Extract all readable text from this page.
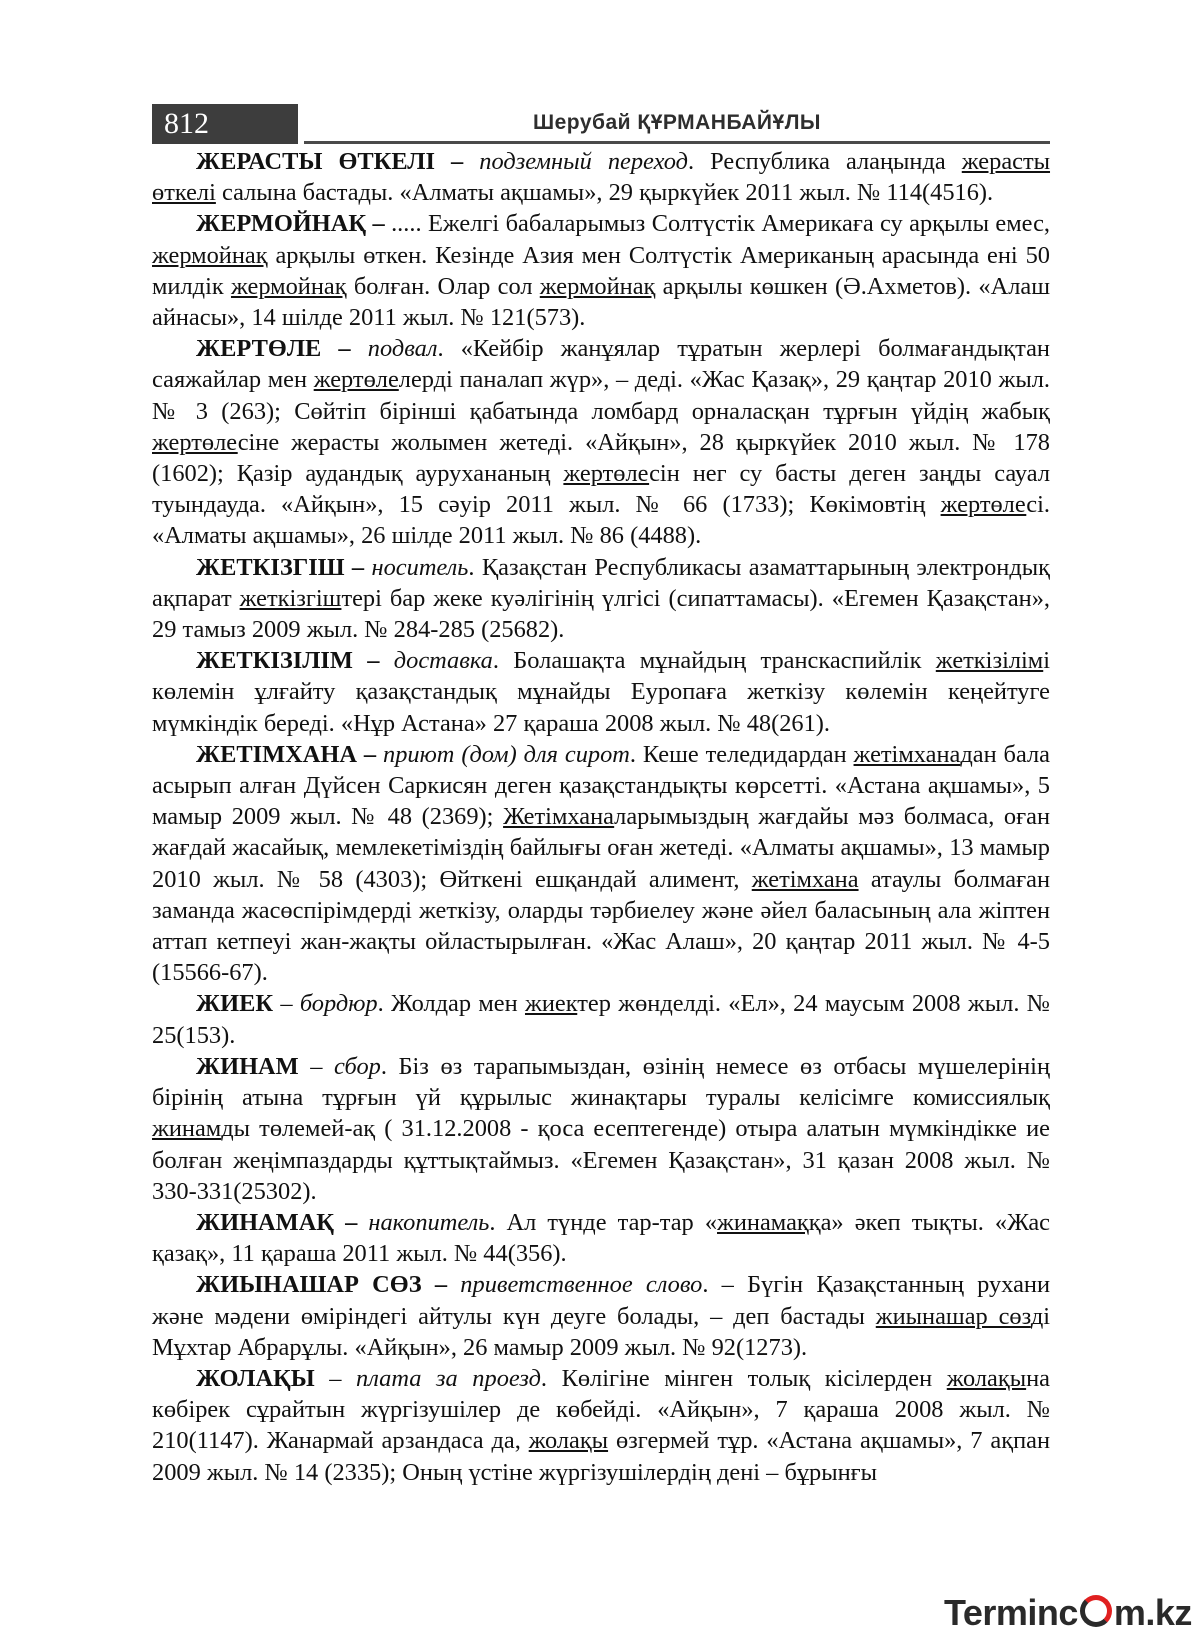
812	Шерубай ҚҰРМАНБАЙҰЛЫ

ЖЕРАСТЫ ӨТКЕЛІ – подземный переход. Республика алаңында жерасты өткелі салына бастады. «Алматы ақшамы», 29 қыркүйек 2011 жыл. № 114(4516).

ЖЕРМОЙНАҚ – ..... Ежелгі бабаларымыз Солтүстік Америкаға су арқылы емес, жермойнақ арқылы өткен. Кезінде Азия мен Солтүстік Американың арасында ені 50 милдік жермойнақ болған. Олар сол жермойнақ арқылы көшкен (Ә.Ахметов). «Алаш айнасы», 14 шілде 2011 жыл. № 121(573).

ЖЕРТӨЛЕ – подвал. «Кейбір жанұялар тұратын жерлері болмағандықтан саяжайлар мен жертөлелерді паналап жүр», – деді. «Жас Қазақ», 29 қаңтар 2010 жыл. № 3 (263); Сөйтіп бірінші қабатында ломбард орналасқан тұрғын үйдің жабық жертөлесіне жерасты жолымен жетеді. «Айқын», 28 қыркүйек 2010 жыл. № 178 (1602); Қазір аудандық аурухананың жертөлесін нег су басты деген заңды сауал туындауда. «Айқын», 15 сәуір 2011 жыл. № 66 (1733); Көкімовтің жертөлесі. «Алматы ақшамы», 26 шілде 2011 жыл. № 86 (4488).

ЖЕТКІЗГІШ – носитель. Қазақстан Республикасы азаматтарының электрондық ақпарат жеткізгіштері бар жеке куәлігінің үлгісі (сипаттамасы). «Егемен Қазақстан», 29 тамыз 2009 жыл. № 284-285 (25682).

ЖЕТКІЗІЛІМ – доставка. Болашақта мұнайдың транскаспийлік жеткізілімі көлемін ұлғайту қазақстандық мұнайды Еуропаға жеткізу көлемін кеңейтуге мүмкіндік береді. «Нұр Астана» 27 қараша 2008 жыл. № 48(261).

ЖЕТІМХАНА – приют (дом) для сирот. Кеше теледидардан жетімханадан бала асырып алған Дүйсен Саркисян деген қазақстандықты көрсетті. «Астана ақшамы», 5 мамыр 2009 жыл. № 48 (2369); Жетімханаларымыздың жағдайы мәз болмаса, оған жағдай жасайық, мемлекетіміздің байлығы оған жетеді. «Алматы ақшамы», 13 мамыр 2010 жыл. № 58 (4303); Өйткені ешқандай алимент, жетімхана атаулы болмаған заманда жасөспірімдерді жеткізу, оларды тәрбиелеу және әйел баласының ала жіптен аттап кетпеуі жан-жақты ойластырылған. «Жас Алаш», 20 қаңтар 2011 жыл. № 4-5 (15566-67).

ЖИЕК – бордюр. Жолдар мен жиектер жөнделді. «Ел», 24 маусым 2008 жыл. № 25(153).

ЖИНАМ – сбор. Біз өз тарапымыздан, өзінің немесе өз отбасы мүшелерінің бірінің атына тұрғын үй құрылыс жинақтары туралы келісімге комиссиялық жинамды төлемей-ақ ( 31.12.2008 - қоса есептегенде) отыра алатын мүмкіндікке ие болған жеңімпаздарды құттықтаймыз. «Егемен Қазақстан», 31 қазан 2008 жыл. № 330-331(25302).

ЖИНАМАҚ – накопитель. Ал түнде тар-тар «жинамаққа» әкеп тықты. «Жас қазақ», 11 қараша 2011 жыл. № 44(356).

ЖИЫНАШАР СӨЗ – приветственное слово. – Бүгін Қазақстанның рухани және мәдени өміріндегі айтулы күн деуге болады, – деп бастады жиынашар сөзді Мұхтар Абрарұлы. «Айқын», 26 мамыр 2009 жыл. № 92(1273).

ЖОЛАҚЫ – плата за проезд. Көлігіне мінген толық кісілерден жолақына көбірек сұрайтын жүргізушілер де көбейді. «Айқын», 7 қараша 2008 жыл. № 210(1147). Жанармай арзандаса да, жолақы өзгермей тұр. «Астана ақшамы», 7 ақпан 2009 жыл. № 14 (2335); Оның үстіне жүргізушілердің дені – бұрынғы

Terminc m.kz
